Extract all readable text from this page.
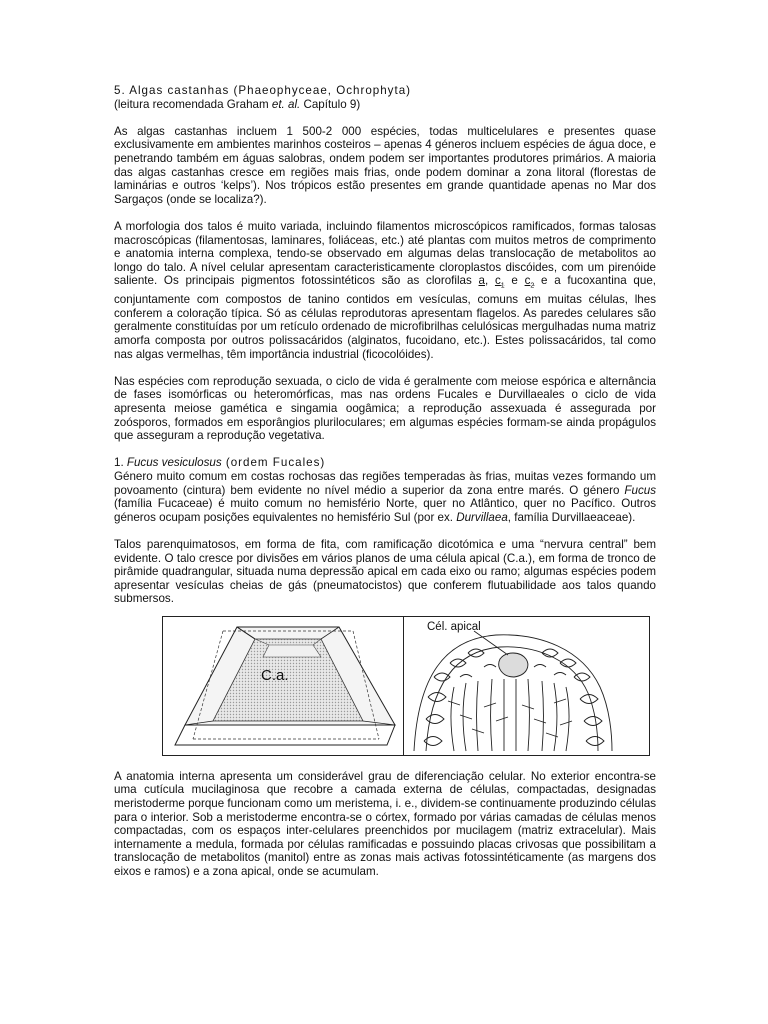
5. Algas castanhas (Phaeophyceae, Ochrophyta)

(leitura recomendada Graham et. al. Capítulo 9)

As algas castanhas incluem 1 500-2 000 espécies, todas multicelulares e presentes quase exclusivamente em ambientes marinhos costeiros – apenas 4 géneros incluem espécies de água doce, e penetrando também em águas salobras, ondem podem ser importantes produtores primários. A maioria das algas castanhas cresce em regiões mais frias, onde podem dominar a zona litoral (florestas de laminárias e outros ‘kelps’). Nos trópicos estão presentes em grande quantidade apenas no Mar dos Sargaços (onde se localiza?).

A morfologia dos talos é muito variada, incluindo filamentos microscópicos ramificados, formas talosas macroscópicas (filamentosas, laminares, foliáceas, etc.) até plantas com muitos metros de comprimento e anatomia interna complexa, tendo-se observado em algumas delas translocação de metabolitos ao longo do talo. A nível celular apresentam caracteristicamente cloroplastos discóides, com um pirenóide saliente. Os principais pigmentos fotossintéticos são as clorofilas a, $c_1$ e $c_2$ e a fucoxantina que, conjuntamente com compostos de tanino contidos em vesículas, comuns em muitas células, lhes conferem a coloração típica. Só as células reprodutoras apresentam flagelos. As paredes celulares são geralmente constituídas por um retículo ordenado de microfibrilhas celulósicas mergulhadas numa matriz amorfa composta por outros polissacáridos (alginatos, fucoidano, etc.). Estes polissacáridos, tal como nas algas vermelhas, têm importância industrial (ficocolóides).

Nas espécies com reprodução sexuada, o ciclo de vida é geralmente com meiose espórica e alternância de fases isomórficas ou heteromórficas, mas nas ordens Fucales e Durvillaeales o ciclo de vida apresenta meiose gamética e singamia oogâmica; a reprodução assexuada é assegurada por zoósporos, formados em esporângios pluriloculares; em algumas espécies formam-se ainda propágulos que asseguram a reprodução vegetativa.

1. Fucus vesiculosus (ordem Fucales)

Género muito comum em costas rochosas das regiões temperadas às frias, muitas vezes formando um povoamento (cintura) bem evidente no nível médio a superior da zona entre marés. O género Fucus (família Fucaceae) é muito comum no hemisfério Norte, quer no Atlântico, quer no Pacífico. Outros géneros ocupam posições equivalentes no hemisfério Sul (por ex. Durvillaea, família Durvillaeaceae).

Talos parenquimatosos, em forma de fita, com ramificação dicotómica e uma “nervura central” bem evidente. O talo cresce por divisões em vários planos de uma célula apical (C.a.), em forma de tronco de pirâmide quadrangular, situada numa depressão apical em cada eixo ou ramo; algumas espécies podem apresentar vesículas cheias de gás (pneumatocistos) que conferem flutuabilidade aos talos quando submersos.

C.a.
Cél. apical

A anatomia interna apresenta um considerável grau de diferenciação celular. No exterior encontra-se uma cutícula mucilaginosa que recobre a camada externa de células, compactadas, designadas meristoderme porque funcionam como um meristema, i. e., dividem-se continuamente produzindo células para o interior. Sob a meristoderme encontra-se o córtex, formado por várias camadas de células menos compactadas, com os espaços inter-celulares preenchidos por mucilagem (matriz extracelular). Mais internamente a medula, formada por células ramificadas e possuindo placas crivosas que possibilitam a translocação de metabolitos (manitol) entre as zonas mais activas fotossintéticamente (as margens dos eixos e ramos) e a zona apical, onde se acumulam.
